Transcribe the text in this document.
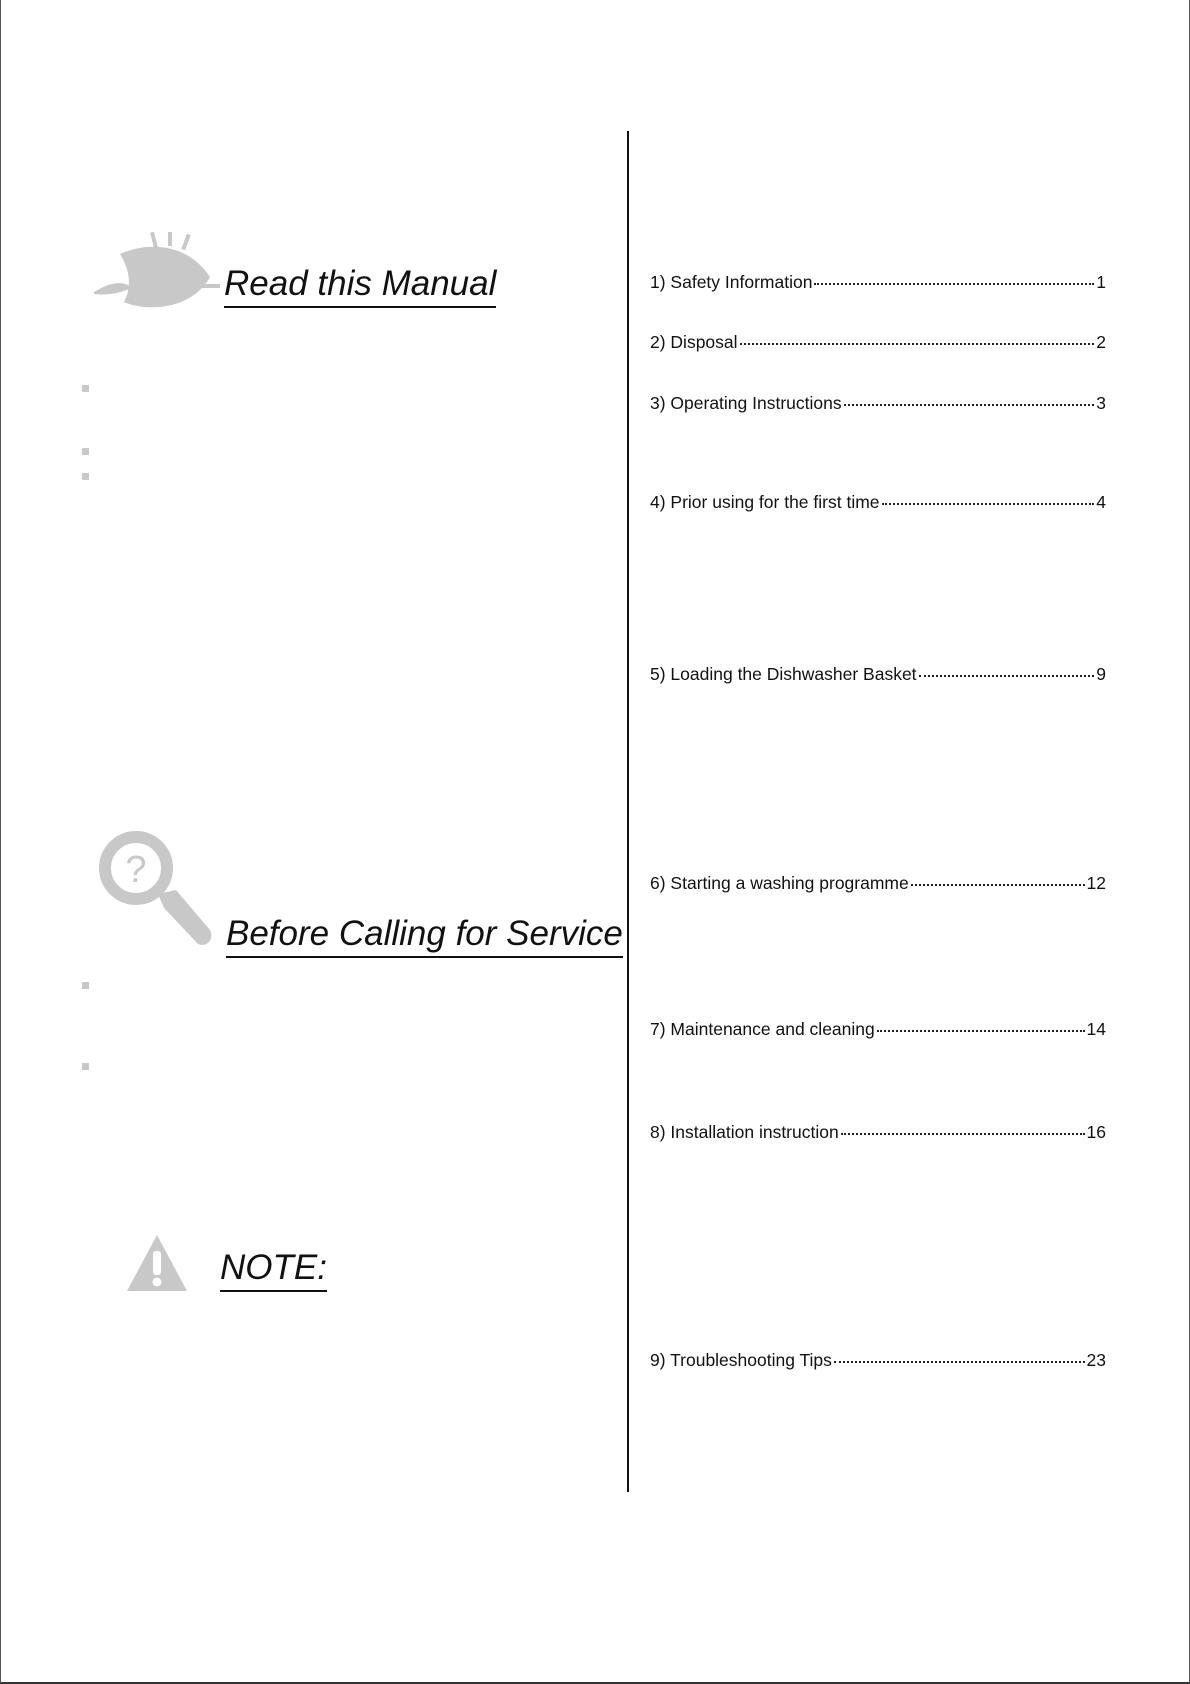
Read this Manual
?
Before Calling for Service
NOTE:
1) Safety Information	1
2) Disposal	2
3) Operating Instructions	3
4) Prior using for the first time	4
5) Loading the Dishwasher Basket	9
6) Starting a washing programme	12
7) Maintenance and cleaning	14
8) Installation instruction	16
9) Troubleshooting Tips	23
